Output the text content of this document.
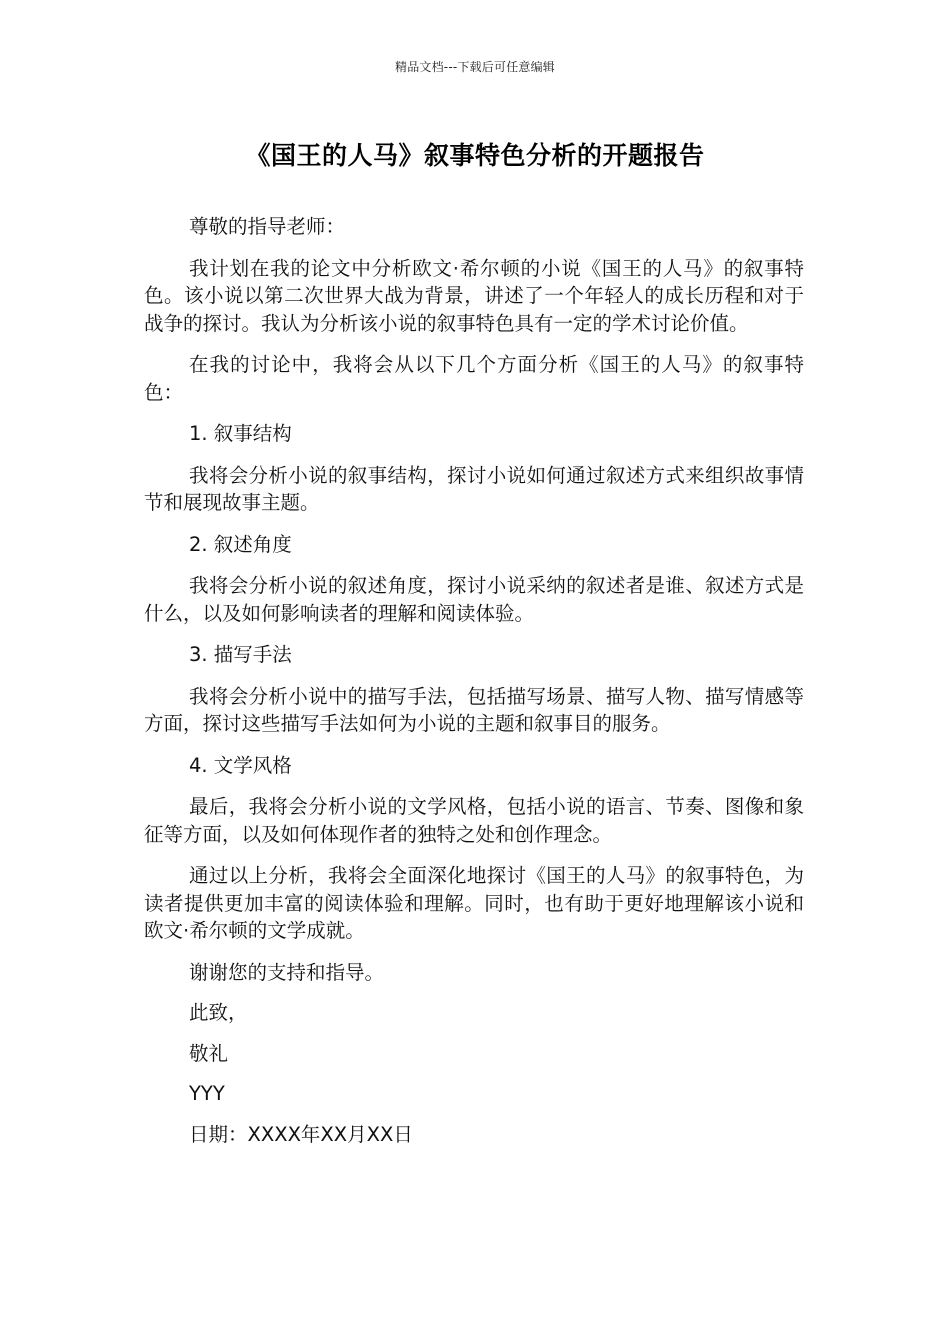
精品文档---下载后可任意编辑
《国王的人马》叙事特色分析的开题报告

尊敬的指导老师：

我计划在我的论文中分析欧文·希尔顿的小说《国王的人马》的叙事特色。该小说以第二次世界大战为背景，讲述了一个年轻人的成长历程和对于战争的探讨。我认为分析该小说的叙事特色具有一定的学术讨论价值。

在我的讨论中，我将会从以下几个方面分析《国王的人马》的叙事特色：

1. 叙事结构

我将会分析小说的叙事结构，探讨小说如何通过叙述方式来组织故事情节和展现故事主题。

2. 叙述角度

我将会分析小说的叙述角度，探讨小说采纳的叙述者是谁、叙述方式是什么，以及如何影响读者的理解和阅读体验。

3. 描写手法

我将会分析小说中的描写手法，包括描写场景、描写人物、描写情感等方面，探讨这些描写手法如何为小说的主题和叙事目的服务。

4. 文学风格

最后，我将会分析小说的文学风格，包括小说的语言、节奏、图像和象征等方面，以及如何体现作者的独特之处和创作理念。

通过以上分析，我将会全面深化地探讨《国王的人马》的叙事特色，为读者提供更加丰富的阅读体验和理解。同时，也有助于更好地理解该小说和欧文·希尔顿的文学成就。

谢谢您的支持和指导。

此致，

敬礼

YYY

日期：XXXX年XX月XX日
